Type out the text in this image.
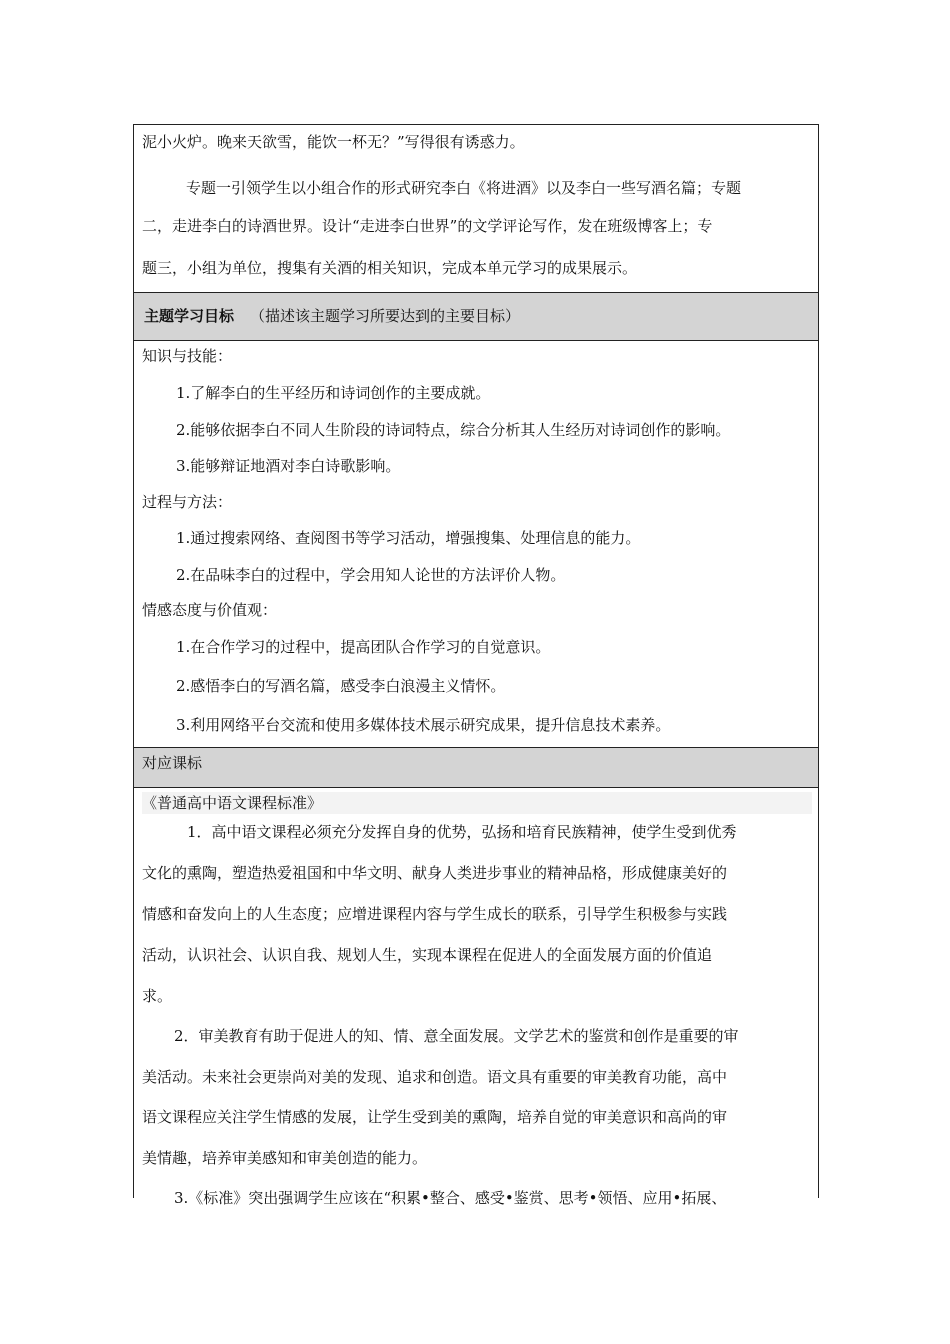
泥小火炉。晚来天欲雪，能饮一杯无？”写得很有诱惑力。
专题一引领学生以小组合作的形式研究李白《将进酒》以及李白一些写酒名篇；专题
二，走进李白的诗酒世界。设计“走进李白世界”的文学评论写作，发在班级博客上；专
题三，小组为单位，搜集有关酒的相关知识，完成本单元学习的成果展示。
主题学习目标 （描述该主题学习所要达到的主要目标）
知识与技能：
1.了解李白的生平经历和诗词创作的主要成就。
2.能够依据李白不同人生阶段的诗词特点，综合分析其人生经历对诗词创作的影响。
3.能够辩证地酒对李白诗歌影响。
过程与方法：
1.通过搜索网络、查阅图书等学习活动，增强搜集、处理信息的能力。
2.在品味李白的过程中，学会用知人论世的方法评价人物。
情感态度与价值观：
1.在合作学习的过程中，提高团队合作学习的自觉意识。
2.感悟李白的写酒名篇，感受李白浪漫主义情怀。
3.利用网络平台交流和使用多媒体技术展示研究成果，提升信息技术素养。
对应课标
《普通高中语文课程标准》
1．高中语文课程必须充分发挥自身的优势，弘扬和培育民族精神，使学生受到优秀
文化的熏陶，塑造热爱祖国和中华文明、献身人类进步事业的精神品格，形成健康美好的
情感和奋发向上的人生态度；应增进课程内容与学生成长的联系，引导学生积极参与实践
活动，认识社会、认识自我、规划人生，实现本课程在促进人的全面发展方面的价值追
求。
2．审美教育有助于促进人的知、情、意全面发展。文学艺术的鉴赏和创作是重要的审
美活动。未来社会更崇尚对美的发现、追求和创造。语文具有重要的审美教育功能，高中
语文课程应关注学生情感的发展，让学生受到美的熏陶，培养自觉的审美意识和高尚的审
美情趣，培养审美感知和审美创造的能力。
3.《标准》突出强调学生应该在“积累•整合、感受•鉴赏、思考•领悟、应用•拓展、
